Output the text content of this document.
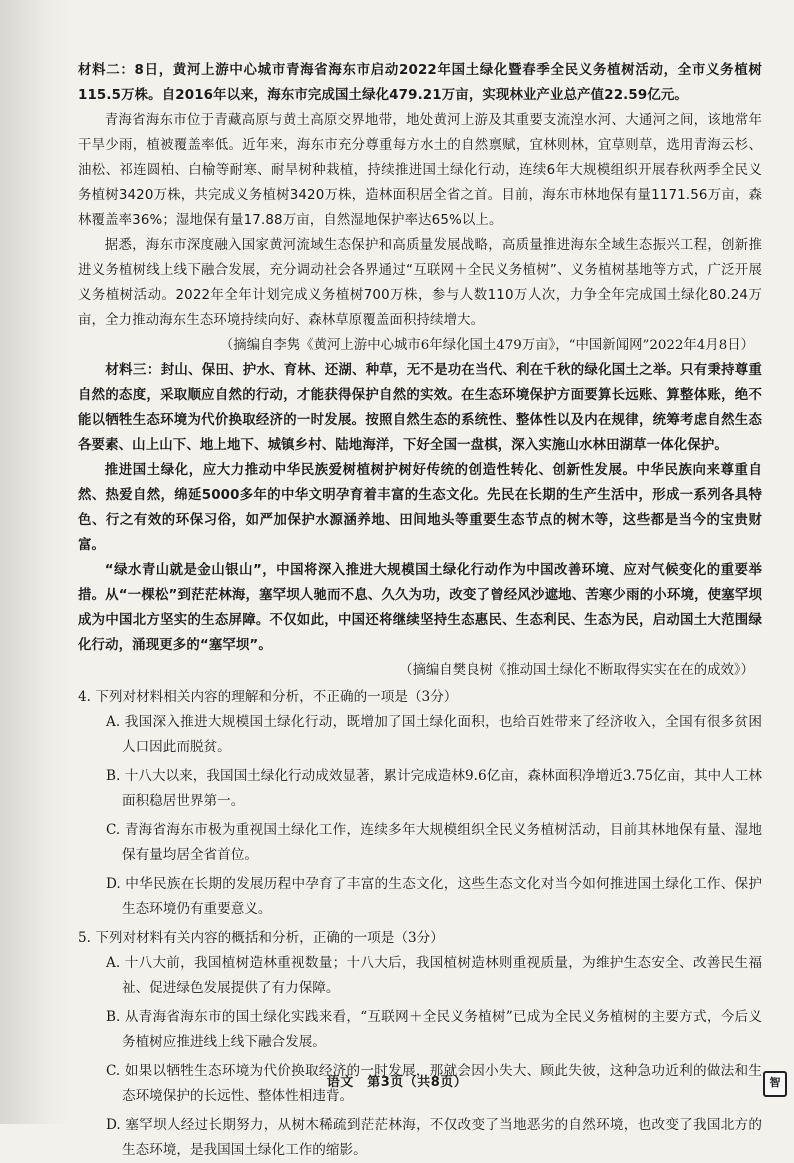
材料二：8日，黄河上游中心城市青海省海东市启动2022年国土绿化暨春季全民义务植树活动，全市义务植树115.5万株。自2016年以来，海东市完成国土绿化479.21万亩，实现林业产业总产值22.59亿元。

青海省海东市位于青藏高原与黄土高原交界地带，地处黄河上游及其重要支流湟水河、大通河之间，该地常年干旱少雨，植被覆盖率低。近年来，海东市充分尊重每方水土的自然禀赋，宜林则林，宜草则草，选用青海云杉、油松、祁连圆柏、白榆等耐寒、耐旱树种栽植，持续推进国土绿化行动，连续6年大规模组织开展春秋两季全民义务植树3420万株，共完成义务植树3420万株，造林面积居全省之首。目前，海东市林地保有量1171.56万亩，森林覆盖率36%；湿地保有量17.88万亩，自然湿地保护率达65%以上。

据悉，海东市深度融入国家黄河流域生态保护和高质量发展战略，高质量推进海东全域生态振兴工程，创新推进义务植树线上线下融合发展，充分调动社会各界通过“互联网＋全民义务植树”、义务植树基地等方式，广泛开展义务植树活动。2022年全年计划完成义务植树700万株，参与人数110万人次，力争全年完成国土绿化80.24万亩，全力推动海东生态环境持续向好、森林草原覆盖面积持续增大。

（摘编自李隽《黄河上游中心城市6年绿化国土479万亩》，“中国新闻网”2022年4月8日）

材料三：封山、保田、护水、育林、还湖、种草，无不是功在当代、利在千秋的绿化国土之举。只有秉持尊重自然的态度，采取顺应自然的行动，才能获得保护自然的实效。在生态环境保护方面要算长远账、算整体账，绝不能以牺牲生态环境为代价换取经济的一时发展。按照自然生态的系统性、整体性以及内在规律，统筹考虑自然生态各要素、山上山下、地上地下、城镇乡村、陆地海洋，下好全国一盘棋，深入实施山水林田湖草一体化保护。

推进国土绿化，应大力推动中华民族爱树植树护树好传统的创造性转化、创新性发展。中华民族向来尊重自然、热爱自然，绵延5000多年的中华文明孕育着丰富的生态文化。先民在长期的生产生活中，形成一系列各具特色、行之有效的环保习俗，如严加保护水源涵养地、田间地头等重要生态节点的树木等，这些都是当今的宝贵财富。

“绿水青山就是金山银山”，中国将深入推进大规模国土绿化行动作为中国改善环境、应对气候变化的重要举措。从“一棵松”到茫茫林海，塞罕坝人驰而不息、久久为功，改变了曾经风沙遮地、苦寒少雨的小环境，使塞罕坝成为中国北方坚实的生态屏障。不仅如此，中国还将继续坚持生态惠民、生态利民、生态为民，启动国土大范围绿化行动，涌现更多的“塞罕坝”。

（摘编自樊良树《推动国土绿化不断取得实实在在的成效》）

4. 下列对材料相关内容的理解和分析，不正确的一项是（3分）

A. 我国深入推进大规模国土绿化行动，既增加了国土绿化面积，也给百姓带来了经济收入，全国有很多贫困人口因此而脱贫。

B. 十八大以来，我国国土绿化行动成效显著，累计完成造林9.6亿亩，森林面积净增近3.75亿亩，其中人工林面积稳居世界第一。

C. 青海省海东市极为重视国土绿化工作，连续多年大规模组织全民义务植树活动，目前其林地保有量、湿地保有量均居全省首位。

D. 中华民族在长期的发展历程中孕育了丰富的生态文化，这些生态文化对当今如何推进国土绿化工作、保护生态环境仍有重要意义。

5. 下列对材料有关内容的概括和分析，正确的一项是（3分）

A. 十八大前，我国植树造林重视数量；十八大后，我国植树造林则重视质量，为维护生态安全、改善民生福祉、促进绿色发展提供了有力保障。

B. 从青海省海东市的国土绿化实践来看，“互联网＋全民义务植树”已成为全民义务植树的主要方式，今后义务植树应推进线上线下融合发展。

C. 如果以牺牲生态环境为代价换取经济的一时发展，那就会因小失大、顾此失彼，这种急功近利的做法和生态环境保护的长远性、整体性相违背。

D. 塞罕坝人经过长期努力，从树木稀疏到茫茫林海，不仅改变了当地恶劣的自然环境，也改变了我国北方的生态环境，是我国国土绿化工作的缩影。

语文　第3页（共8页）	智
